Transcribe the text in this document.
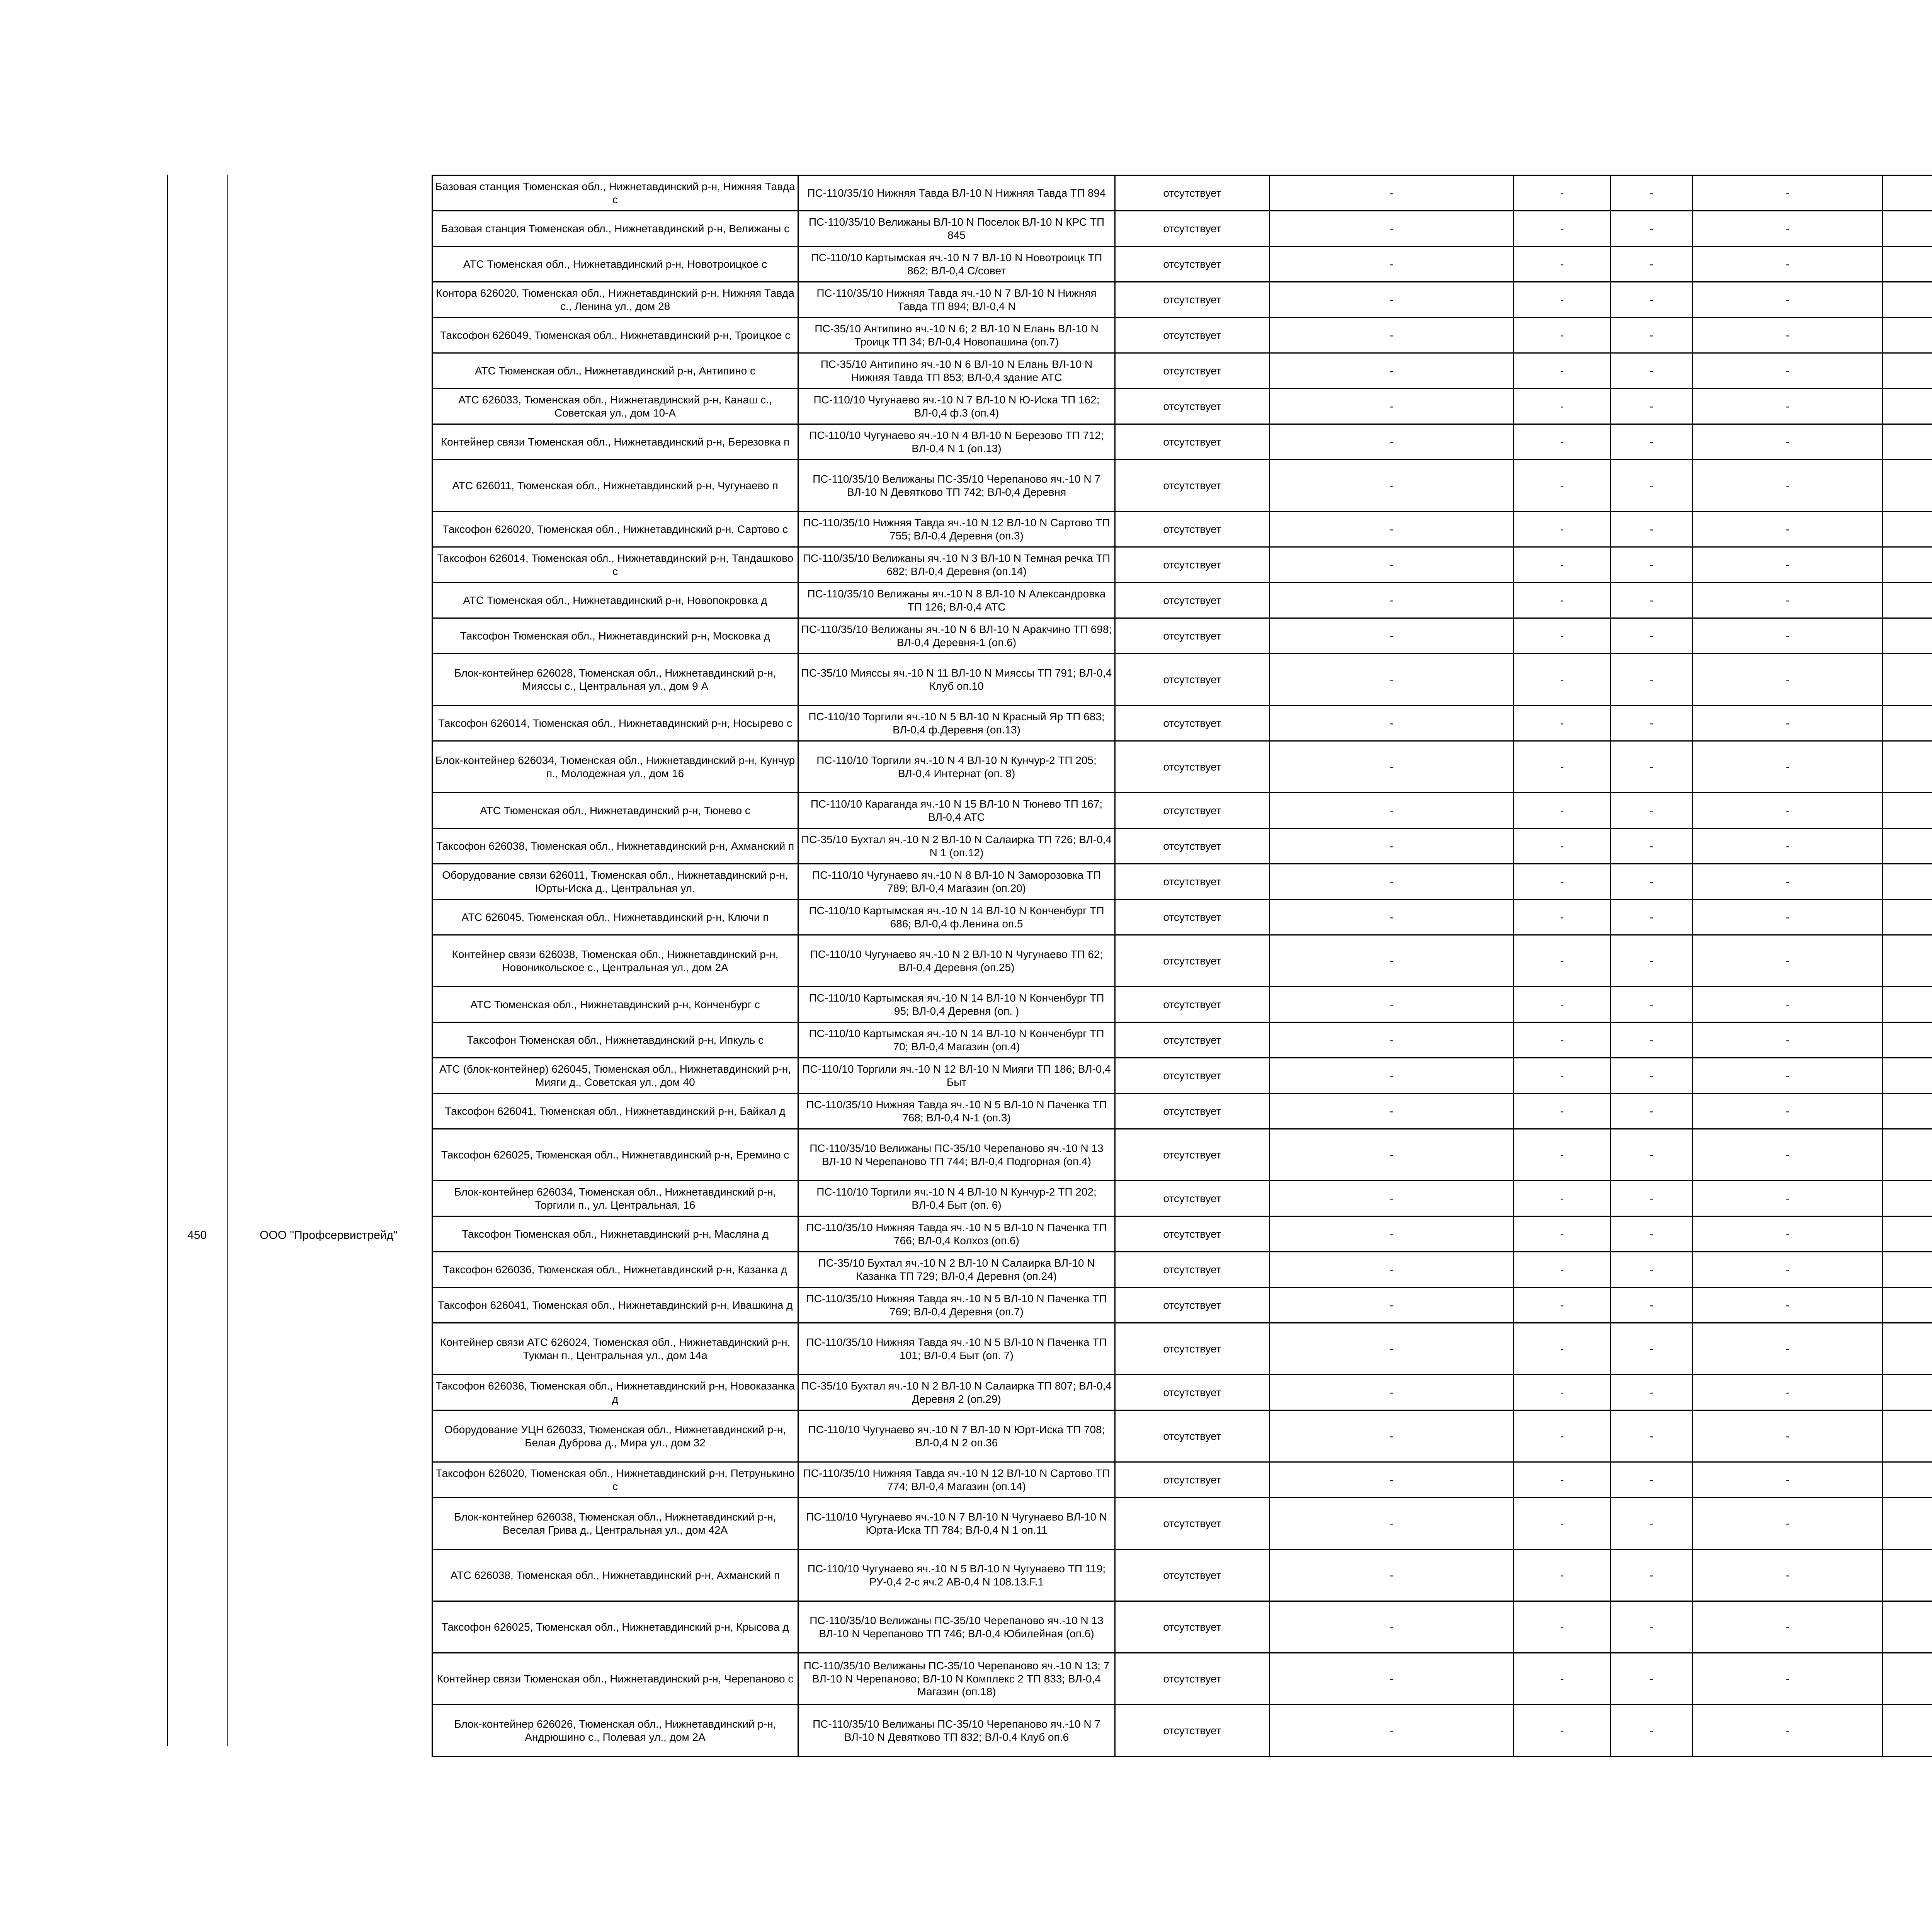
450	ООО "Профсервистрейд"
Базовая станция Тюменская обл., Нижнетавдинский р-н, Нижняя Тавда с	ПС-110/35/10 Нижняя Тавда ВЛ-10 N Нижняя Тавда ТП 894	отсутствует	-	-	-	-		
Базовая станция Тюменская обл., Нижнетавдинский р-н, Велижаны с	ПС-110/35/10 Велижаны ВЛ-10 N Поселок ВЛ-10 N КРС ТП 845	отсутствует	-	-	-	-		
АТС Тюменская обл., Нижнетавдинский р-н, Новотроицкое с	ПС-110/10 Картымская яч.-10 N 7 ВЛ-10 N Новотроицк ТП 862; ВЛ-0,4 С/совет	отсутствует	-	-	-	-		
Контора 626020, Тюменская обл., Нижнетавдинский р-н, Нижняя Тавда с., Ленина ул., дом 28	ПС-110/35/10 Нижняя Тавда яч.-10 N 7 ВЛ-10 N Нижняя Тавда ТП 894; ВЛ-0,4 N	отсутствует	-	-	-	-		
Таксофон 626049, Тюменская обл., Нижнетавдинский р-н, Троицкое с	ПС-35/10 Антипино яч.-10 N 6; 2 ВЛ-10 N Елань ВЛ-10 N Троицк ТП 34; ВЛ-0,4 Новопашина (оп.7)	отсутствует	-	-	-	-		
АТС Тюменская обл., Нижнетавдинский р-н, Антипино с	ПС-35/10 Антипино яч.-10 N 6 ВЛ-10 N Елань ВЛ-10 N Нижняя Тавда ТП 853; ВЛ-0,4 здание АТС	отсутствует	-	-	-	-		
АТС 626033, Тюменская обл., Нижнетавдинский р-н, Канаш с., Советская ул., дом 10-А	ПС-110/10 Чугунаево яч.-10 N 7 ВЛ-10 N Ю-Иска ТП 162; ВЛ-0,4 ф.3 (оп.4)	отсутствует	-	-	-	-		
Контейнер связи Тюменская обл., Нижнетавдинский р-н, Березовка п	ПС-110/10 Чугунаево яч.-10 N 4 ВЛ-10 N Березово ТП 712; ВЛ-0,4 N 1 (оп.13)	отсутствует	-	-	-	-		
АТС 626011, Тюменская обл., Нижнетавдинский р-н, Чугунаево п	ПС-110/35/10 Велижаны ПС-35/10 Черепаново яч.-10 N 7 ВЛ-10 N Девятково ТП 742; ВЛ-0,4 Деревня	отсутствует	-	-	-	-		
Таксофон 626020, Тюменская обл., Нижнетавдинский р-н, Сартово с	ПС-110/35/10 Нижняя Тавда яч.-10 N 12 ВЛ-10 N Сартово ТП 755; ВЛ-0,4 Деревня (оп.3)	отсутствует	-	-	-	-		
Таксофон 626014, Тюменская обл., Нижнетавдинский р-н, Тандашково с	ПС-110/35/10 Велижаны яч.-10 N 3 ВЛ-10 N Темная речка ТП 682; ВЛ-0,4 Деревня (оп.14)	отсутствует	-	-	-	-		
АТС Тюменская обл., Нижнетавдинский р-н, Новопокровка д	ПС-110/35/10 Велижаны яч.-10 N 8 ВЛ-10 N Александровка ТП 126; ВЛ-0,4 АТС	отсутствует	-	-	-	-		
Таксофон Тюменская обл., Нижнетавдинский р-н, Московка д	ПС-110/35/10 Велижаны яч.-10 N 6 ВЛ-10 N Аракчино ТП 698; ВЛ-0,4 Деревня-1 (оп.6)	отсутствует	-	-	-	-		
Блок-контейнер 626028, Тюменская обл., Нижнетавдинский р-н, Миясcы с., Центральная ул., дом 9 А	ПС-35/10 Миясcы яч.-10 N 11 ВЛ-10 N Миясcы ТП 791; ВЛ-0,4 Клуб оп.10	отсутствует	-	-	-	-		
Таксофон 626014, Тюменская обл., Нижнетавдинский р-н, Носырево с	ПС-110/10 Торгили яч.-10 N 5 ВЛ-10 N Красный Яр ТП 683; ВЛ-0,4 ф.Деревня (оп.13)	отсутствует	-	-	-	-		
Блок-контейнер 626034, Тюменская обл., Нижнетавдинский р-н, Кунчур п., Молодежная ул., дом 16	ПС-110/10 Торгили яч.-10 N 4 ВЛ-10 N Кунчур-2 ТП 205; ВЛ-0,4 Интернат (оп. 8)	отсутствует	-	-	-	-		
АТС Тюменская обл., Нижнетавдинский р-н, Тюнево с	ПС-110/10 Караганда яч.-10 N 15 ВЛ-10 N Тюнево ТП 167; ВЛ-0,4 АТС	отсутствует	-	-	-	-		
Таксофон 626038, Тюменская обл., Нижнетавдинский р-н, Ахманский п	ПС-35/10 Бухтал яч.-10 N 2 ВЛ-10 N Салаирка ТП 726; ВЛ-0,4 N 1 (оп.12)	отсутствует	-	-	-	-		
Оборудование связи 626011, Тюменская обл., Нижнетавдинский р-н, Юрты-Иска д., Центральная ул.	ПС-110/10 Чугунаево яч.-10 N 8 ВЛ-10 N Заморозовка ТП 789; ВЛ-0,4 Магазин (оп.20)	отсутствует	-	-	-	-		
АТС 626045, Тюменская обл., Нижнетавдинский р-н, Ключи п	ПС-110/10 Картымская яч.-10 N 14 ВЛ-10 N Конченбург ТП 686; ВЛ-0,4 ф.Ленина оп.5	отсутствует	-	-	-	-		
Контейнер связи 626038, Тюменская обл., Нижнетавдинский р-н, Новоникольское с., Центральная ул., дом 2А	ПС-110/10 Чугунаево яч.-10 N 2 ВЛ-10 N Чугунаево ТП 62; ВЛ-0,4 Деревня (оп.25)	отсутствует	-	-	-	-		
АТС Тюменская обл., Нижнетавдинский р-н, Конченбург с	ПС-110/10 Картымская яч.-10 N 14 ВЛ-10 N Конченбург ТП 95; ВЛ-0,4 Деревня (оп. )	отсутствует	-	-	-	-		
Таксофон Тюменская обл., Нижнетавдинский р-н, Ипкуль с	ПС-110/10 Картымская яч.-10 N 14 ВЛ-10 N Конченбург ТП 70; ВЛ-0,4 Магазин (оп.4)	отсутствует	-	-	-	-		
АТС (блок-контейнер) 626045, Тюменская обл., Нижнетавдинский р-н, Мияги д., Советская ул., дом 40	ПС-110/10 Торгили яч.-10 N 12 ВЛ-10 N Мияги ТП 186; ВЛ-0,4 Быт	отсутствует	-	-	-	-		
Таксофон 626041, Тюменская обл., Нижнетавдинский р-н, Байкал д	ПС-110/35/10 Нижняя Тавда яч.-10 N 5 ВЛ-10 N Паченка ТП 768; ВЛ-0,4 N-1 (оп.3)	отсутствует	-	-	-	-		
Таксофон 626025, Тюменская обл., Нижнетавдинский р-н, Еремино с	ПС-110/35/10 Велижаны ПС-35/10 Черепаново яч.-10 N 13 ВЛ-10 N Черепаново ТП 744; ВЛ-0,4 Подгорная (оп.4)	отсутствует	-	-	-	-		
Блок-контейнер 626034, Тюменская обл., Нижнетавдинский р-н, Торгили п., ул. Центральная, 16	ПС-110/10 Торгили яч.-10 N 4 ВЛ-10 N Кунчур-2 ТП 202; ВЛ-0,4 Быт (оп. 6)	отсутствует	-	-	-	-		
Таксофон Тюменская обл., Нижнетавдинский р-н, Масляна д	ПС-110/35/10 Нижняя Тавда яч.-10 N 5 ВЛ-10 N Паченка ТП 766; ВЛ-0,4 Колхоз (оп.6)	отсутствует	-	-	-	-		
Таксофон 626036, Тюменская обл., Нижнетавдинский р-н, Казанка д	ПС-35/10 Бухтал яч.-10 N 2 ВЛ-10 N Салаирка ВЛ-10 N Казанка ТП 729; ВЛ-0,4 Деревня (оп.24)	отсутствует	-	-	-	-		
Таксофон 626041, Тюменская обл., Нижнетавдинский р-н, Ивашкина д	ПС-110/35/10 Нижняя Тавда яч.-10 N 5 ВЛ-10 N Паченка ТП 769; ВЛ-0,4 Деревня (оп.7)	отсутствует	-	-	-	-		
Контейнер связи АТС 626024, Тюменская обл., Нижнетавдинский р-н, Тукман п., Центральная ул., дом 14а	ПС-110/35/10 Нижняя Тавда яч.-10 N 5 ВЛ-10 N Паченка ТП 101; ВЛ-0,4 Быт (оп. 7)	отсутствует	-	-	-	-		
Таксофон 626036, Тюменская обл., Нижнетавдинский р-н, Новоказанка д	ПС-35/10 Бухтал яч.-10 N 2 ВЛ-10 N Салаирка ТП 807; ВЛ-0,4 Деревня 2 (оп.29)	отсутствует	-	-	-	-		
Оборудование УЦН 626033, Тюменская обл., Нижнетавдинский р-н, Белая Дуброва д., Мира ул., дом 32	ПС-110/10 Чугунаево яч.-10 N 7 ВЛ-10 N Юрт-Иска ТП 708; ВЛ-0,4 N 2 оп.36	отсутствует	-	-	-	-		
Таксофон 626020, Тюменская обл., Нижнетавдинский р-н, Петрунькино с	ПС-110/35/10 Нижняя Тавда яч.-10 N 12 ВЛ-10 N Сартово ТП 774; ВЛ-0,4 Магазин (оп.14)	отсутствует	-	-	-	-		
Блок-контейнер 626038, Тюменская обл., Нижнетавдинский р-н, Веселая Грива д., Центральная ул., дом 42А	ПС-110/10 Чугунаево яч.-10 N 7 ВЛ-10 N Чугунаево ВЛ-10 N Юрта-Иска ТП 784; ВЛ-0,4 N 1 оп.11	отсутствует	-	-	-	-		
АТС 626038, Тюменская обл., Нижнетавдинский р-н, Ахманский п	ПС-110/10 Чугунаево яч.-10 N 5 ВЛ-10 N Чугунаево ТП 119; РУ-0,4 2-с яч.2 АВ-0,4 N 108.13.F.1	отсутствует	-	-	-	-		
Таксофон 626025, Тюменская обл., Нижнетавдинский р-н, Крысова д	ПС-110/35/10 Велижаны ПС-35/10 Черепаново яч.-10 N 13 ВЛ-10 N Черепаново ТП 746; ВЛ-0,4 Юбилейная (оп.6)	отсутствует	-	-	-	-		
Контейнер связи Тюменская обл., Нижнетавдинский р-н, Черепаново с	ПС-110/35/10 Велижаны ПС-35/10 Черепаново яч.-10 N 13; 7 ВЛ-10 N Черепаново; ВЛ-10 N Комплекс 2 ТП 833; ВЛ-0,4 Магазин (оп.18)	отсутствует	-	-	-	-		
Блок-контейнер 626026, Тюменская обл., Нижнетавдинский р-н, Андрюшино с., Полевая ул., дом 2А	ПС-110/35/10 Велижаны ПС-35/10 Черепаново яч.-10 N 7 ВЛ-10 N Девятково ТП 832; ВЛ-0,4 Клуб оп.6	отсутствует	-	-	-	-		
